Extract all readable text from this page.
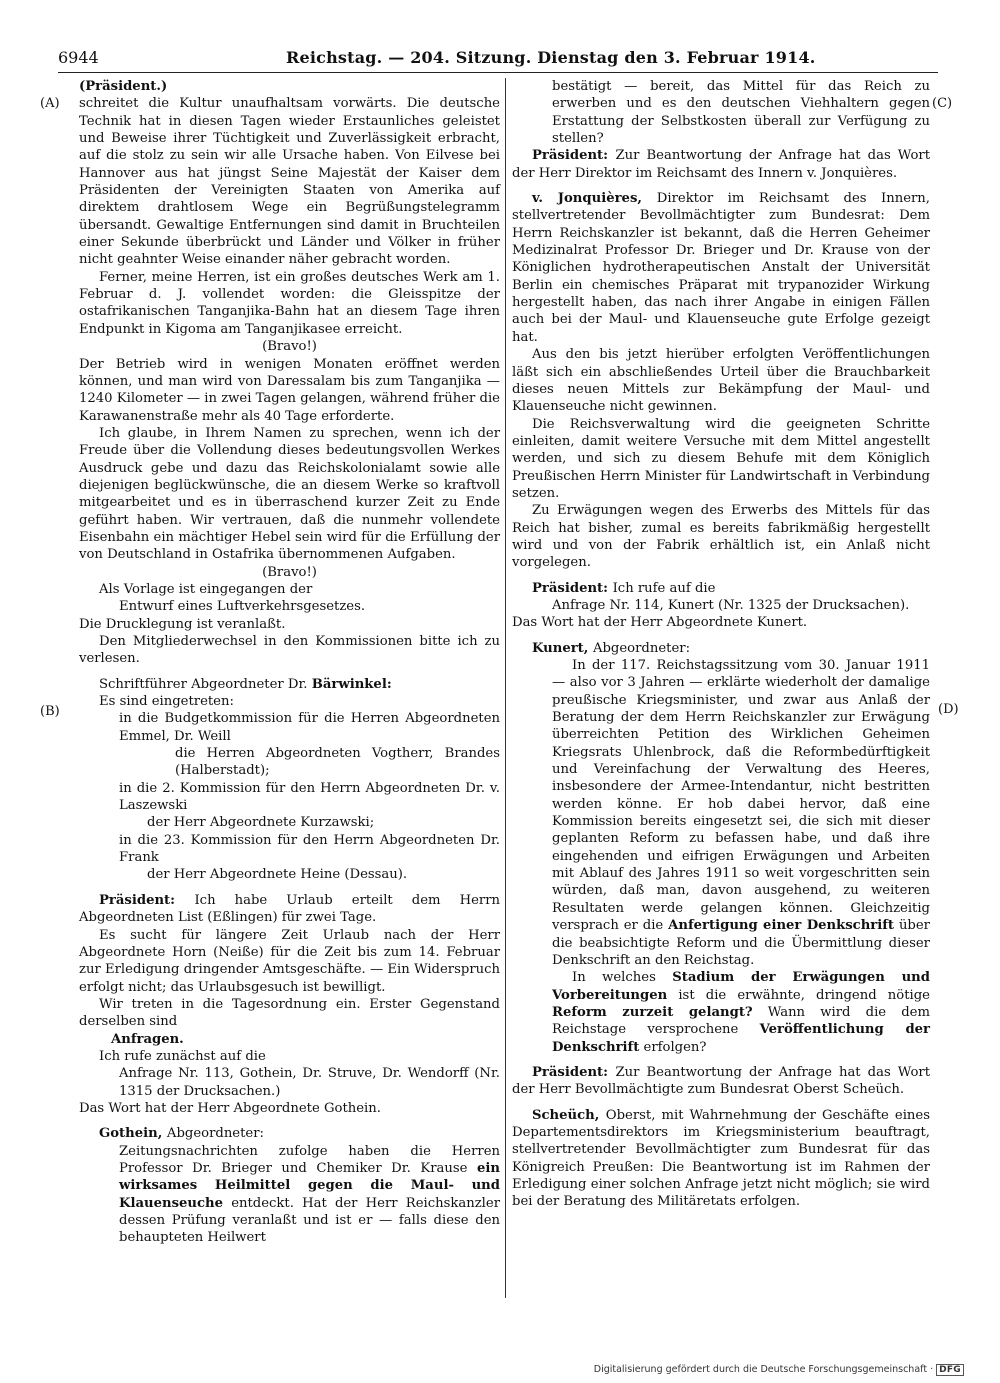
6944	Reichstag. — 204. Sitzung. Dienstag den 3. Februar 1914.
(A)
(B)
(C)
(D)

(Präsident.)

schreitet die Kultur unaufhaltsam vorwärts. Die deutsche Technik hat in diesen Tagen wieder Erstaunliches geleistet und Beweise ihrer Tüchtigkeit und Zuverlässigkeit erbracht, auf die stolz zu sein wir alle Ursache haben. Von Eilvese bei Hannover aus hat jüngst Seine Majestät der Kaiser dem Präsidenten der Vereinigten Staaten von Amerika auf direktem drahtlosem Wege ein Begrüßungstelegramm übersandt. Gewaltige Entfernungen sind damit in Bruchteilen einer Sekunde überbrückt und Länder und Völker in früher nicht geahnter Weise einander näher gebracht worden.

Ferner, meine Herren, ist ein großes deutsches Werk am 1. Februar d. J. vollendet worden: die Gleisspitze der ostafrikanischen Tanganjika-Bahn hat an diesem Tage ihren Endpunkt in Kigoma am Tanganjikasee erreicht.

(Bravo!)

Der Betrieb wird in wenigen Monaten eröffnet werden können, und man wird von Daressalam bis zum Tanganjika — 1240 Kilometer — in zwei Tagen gelangen, während früher die Karawanenstraße mehr als 40 Tage erforderte.

Ich glaube, in Ihrem Namen zu sprechen, wenn ich der Freude über die Vollendung dieses bedeutungsvollen Werkes Ausdruck gebe und dazu das Reichskolonialamt sowie alle diejenigen beglückwünsche, die an diesem Werke so kraftvoll mitgearbeitet und es in überraschend kurzer Zeit zu Ende geführt haben. Wir vertrauen, daß die nunmehr vollendete Eisenbahn ein mächtiger Hebel sein wird für die Erfüllung der von Deutschland in Ostafrika übernommenen Aufgaben.

(Bravo!)

Als Vorlage ist eingegangen der

Entwurf eines Luftverkehrsgesetzes.

Die Drucklegung ist veranlaßt.

Den Mitgliederwechsel in den Kommissionen bitte ich zu verlesen.

Schriftführer Abgeordneter Dr. Bärwinkel:

Es sind eingetreten:

in die Budgetkommission für die Herren Abgeordneten Emmel, Dr. Weill

die Herren Abgeordneten Vogtherr, Brandes (Halberstadt);

in die 2. Kommission für den Herrn Abgeordneten Dr. v. Laszewski

der Herr Abgeordnete Kurzawski;

in die 23. Kommission für den Herrn Abgeordneten Dr. Frank

der Herr Abgeordnete Heine (Dessau).

Präsident: Ich habe Urlaub erteilt dem Herrn Abgeordneten List (Eßlingen) für zwei Tage.

Es sucht für längere Zeit Urlaub nach der Herr Abgeordnete Horn (Neiße) für die Zeit bis zum 14. Februar zur Erledigung dringender Amtsgeschäfte. — Ein Widerspruch erfolgt nicht; das Urlaubsgesuch ist bewilligt.

Wir treten in die Tagesordnung ein. Erster Gegenstand derselben sind

Anfragen.

Ich rufe zunächst auf die

Anfrage Nr. 113, Gothein, Dr. Struve, Dr. Wendorff (Nr. 1315 der Drucksachen.)

Das Wort hat der Herr Abgeordnete Gothein.

Gothein, Abgeordneter:

Zeitungsnachrichten zufolge haben die Herren Professor Dr. Brieger und Chemiker Dr. Krause ein wirksames Heilmittel gegen die Maul- und Klauenseuche entdeckt. Hat der Herr Reichskanzler dessen Prüfung veranlaßt und ist er — falls diese den behaupteten Heilwert

bestätigt — bereit, das Mittel für das Reich zu erwerben und es den deutschen Viehhaltern gegen Erstattung der Selbstkosten überall zur Verfügung zu stellen?

Präsident: Zur Beantwortung der Anfrage hat das Wort der Herr Direktor im Reichsamt des Innern v. Jonquières.

v. Jonquières, Direktor im Reichsamt des Innern, stellvertretender Bevollmächtigter zum Bundesrat: Dem Herrn Reichskanzler ist bekannt, daß die Herren Geheimer Medizinalrat Professor Dr. Brieger und Dr. Krause von der Königlichen hydrotherapeutischen Anstalt der Universität Berlin ein chemisches Präparat mit trypanozider Wirkung hergestellt haben, das nach ihrer Angabe in einigen Fällen auch bei der Maul- und Klauenseuche gute Erfolge gezeigt hat.

Aus den bis jetzt hierüber erfolgten Veröffentlichungen läßt sich ein abschließendes Urteil über die Brauchbarkeit dieses neuen Mittels zur Bekämpfung der Maul- und Klauenseuche nicht gewinnen.

Die Reichsverwaltung wird die geeigneten Schritte einleiten, damit weitere Versuche mit dem Mittel angestellt werden, und sich zu diesem Behufe mit dem Königlich Preußischen Herrn Minister für Landwirtschaft in Verbindung setzen.

Zu Erwägungen wegen des Erwerbs des Mittels für das Reich hat bisher, zumal es bereits fabrikmäßig hergestellt wird und von der Fabrik erhältlich ist, ein Anlaß nicht vorgelegen.

Präsident: Ich rufe auf die

Anfrage Nr. 114, Kunert (Nr. 1325 der Drucksachen).

Das Wort hat der Herr Abgeordnete Kunert.

Kunert, Abgeordneter:

In der 117. Reichstagssitzung vom 30. Januar 1911 — also vor 3 Jahren — erklärte wiederholt der damalige preußische Kriegsminister, und zwar aus Anlaß der Beratung der dem Herrn Reichskanzler zur Erwägung überreichten Petition des Wirklichen Geheimen Kriegsrats Uhlenbrock, daß die Reformbedürftigkeit und Vereinfachung der Verwaltung des Heeres, insbesondere der Armee-Intendantur, nicht bestritten werden könne. Er hob dabei hervor, daß eine Kommission bereits eingesetzt sei, die sich mit dieser geplanten Reform zu befassen habe, und daß ihre eingehenden und eifrigen Erwägungen und Arbeiten mit Ablauf des Jahres 1911 so weit vorgeschritten sein würden, daß man, davon ausgehend, zu weiteren Resultaten werde gelangen können. Gleichzeitig versprach er die Anfertigung einer Denkschrift über die beabsichtigte Reform und die Übermittlung dieser Denkschrift an den Reichstag.

In welches Stadium der Erwägungen und Vorbereitungen ist die erwähnte, dringend nötige Reform zurzeit gelangt? Wann wird die dem Reichstage versprochene Veröffentlichung der Denkschrift erfolgen?

Präsident: Zur Beantwortung der Anfrage hat das Wort der Herr Bevollmächtigte zum Bundesrat Oberst Scheüch.

Scheüch, Oberst, mit Wahrnehmung der Geschäfte eines Departementsdirektors im Kriegsministerium beauftragt, stellvertretender Bevollmächtigter zum Bundesrat für das Königreich Preußen: Die Beantwortung ist im Rahmen der Erledigung einer solchen Anfrage jetzt nicht möglich; sie wird bei der Beratung des Militäretats erfolgen.

Digitalisierung gefördert durch die Deutsche Forschungsgemeinschaft · DFG
